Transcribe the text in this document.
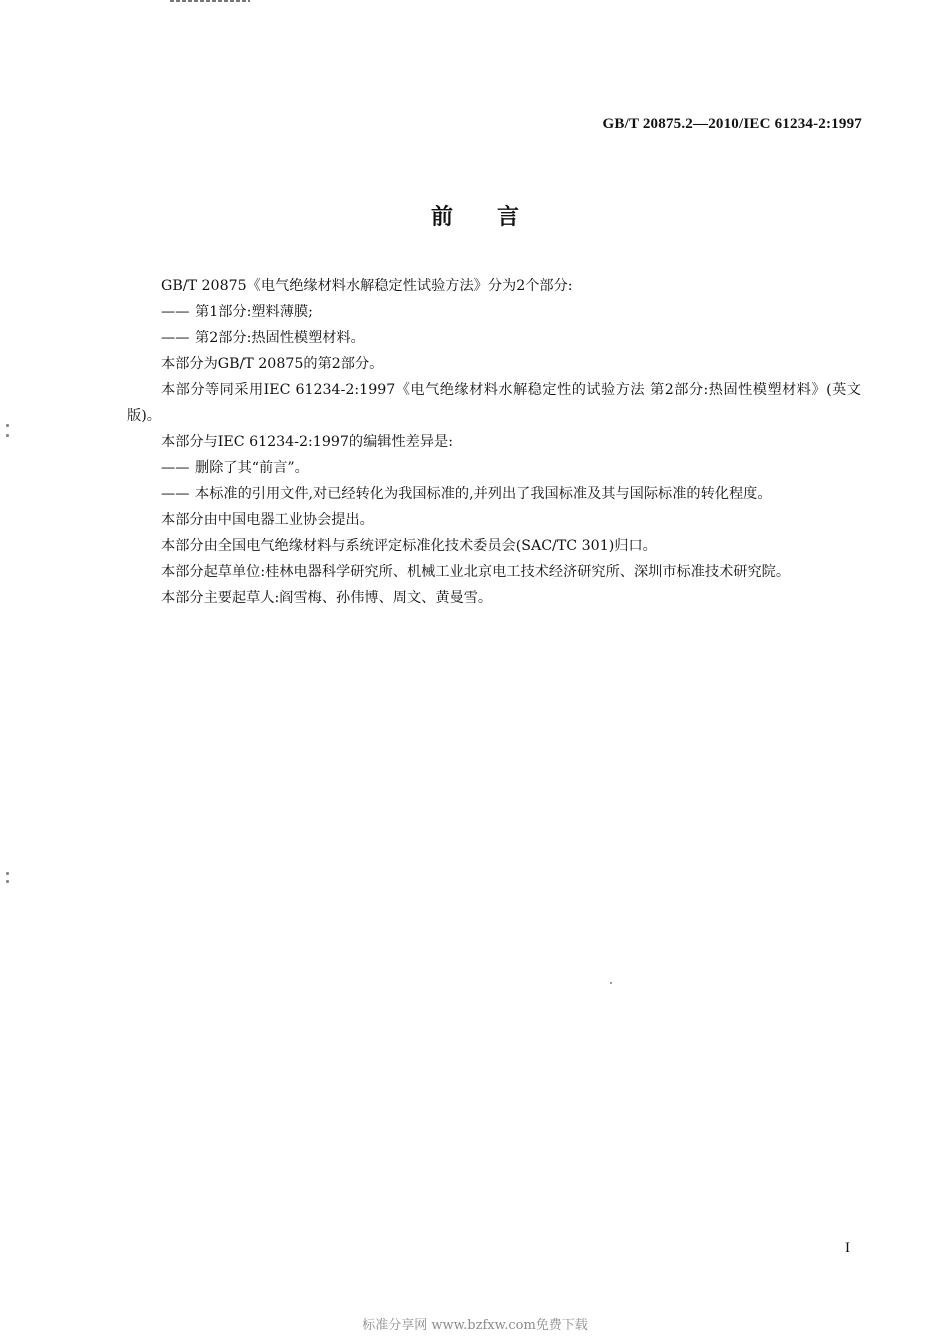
GB/T 20875.2—2010/IEC 61234-2:1997
前言

GB/T 20875《电气绝缘材料水解稳定性试验方法》分为2个部分:

—— 第1部分:塑料薄膜;

—— 第2部分:热固性模塑材料。

本部分为GB/T 20875的第2部分。

本部分等同采用IEC 61234-2:1997《电气绝缘材料水解稳定性的试验方法 第2部分:热固性模塑材料》(英文版)。

本部分与IEC 61234-2:1997的编辑性差异是:

—— 删除了其“前言”。

—— 本标准的引用文件,对已经转化为我国标准的,并列出了我国标准及其与国际标准的转化程度。

本部分由中国电器工业协会提出。

本部分由全国电气绝缘材料与系统评定标准化技术委员会(SAC/TC 301)归口。

本部分起草单位:桂林电器科学研究所、机械工业北京电工技术经济研究所、深圳市标准技术研究院。

本部分主要起草人:阎雪梅、孙伟博、周文、黄曼雪。

I
标准分享网 www.bzfxw.com免费下载
